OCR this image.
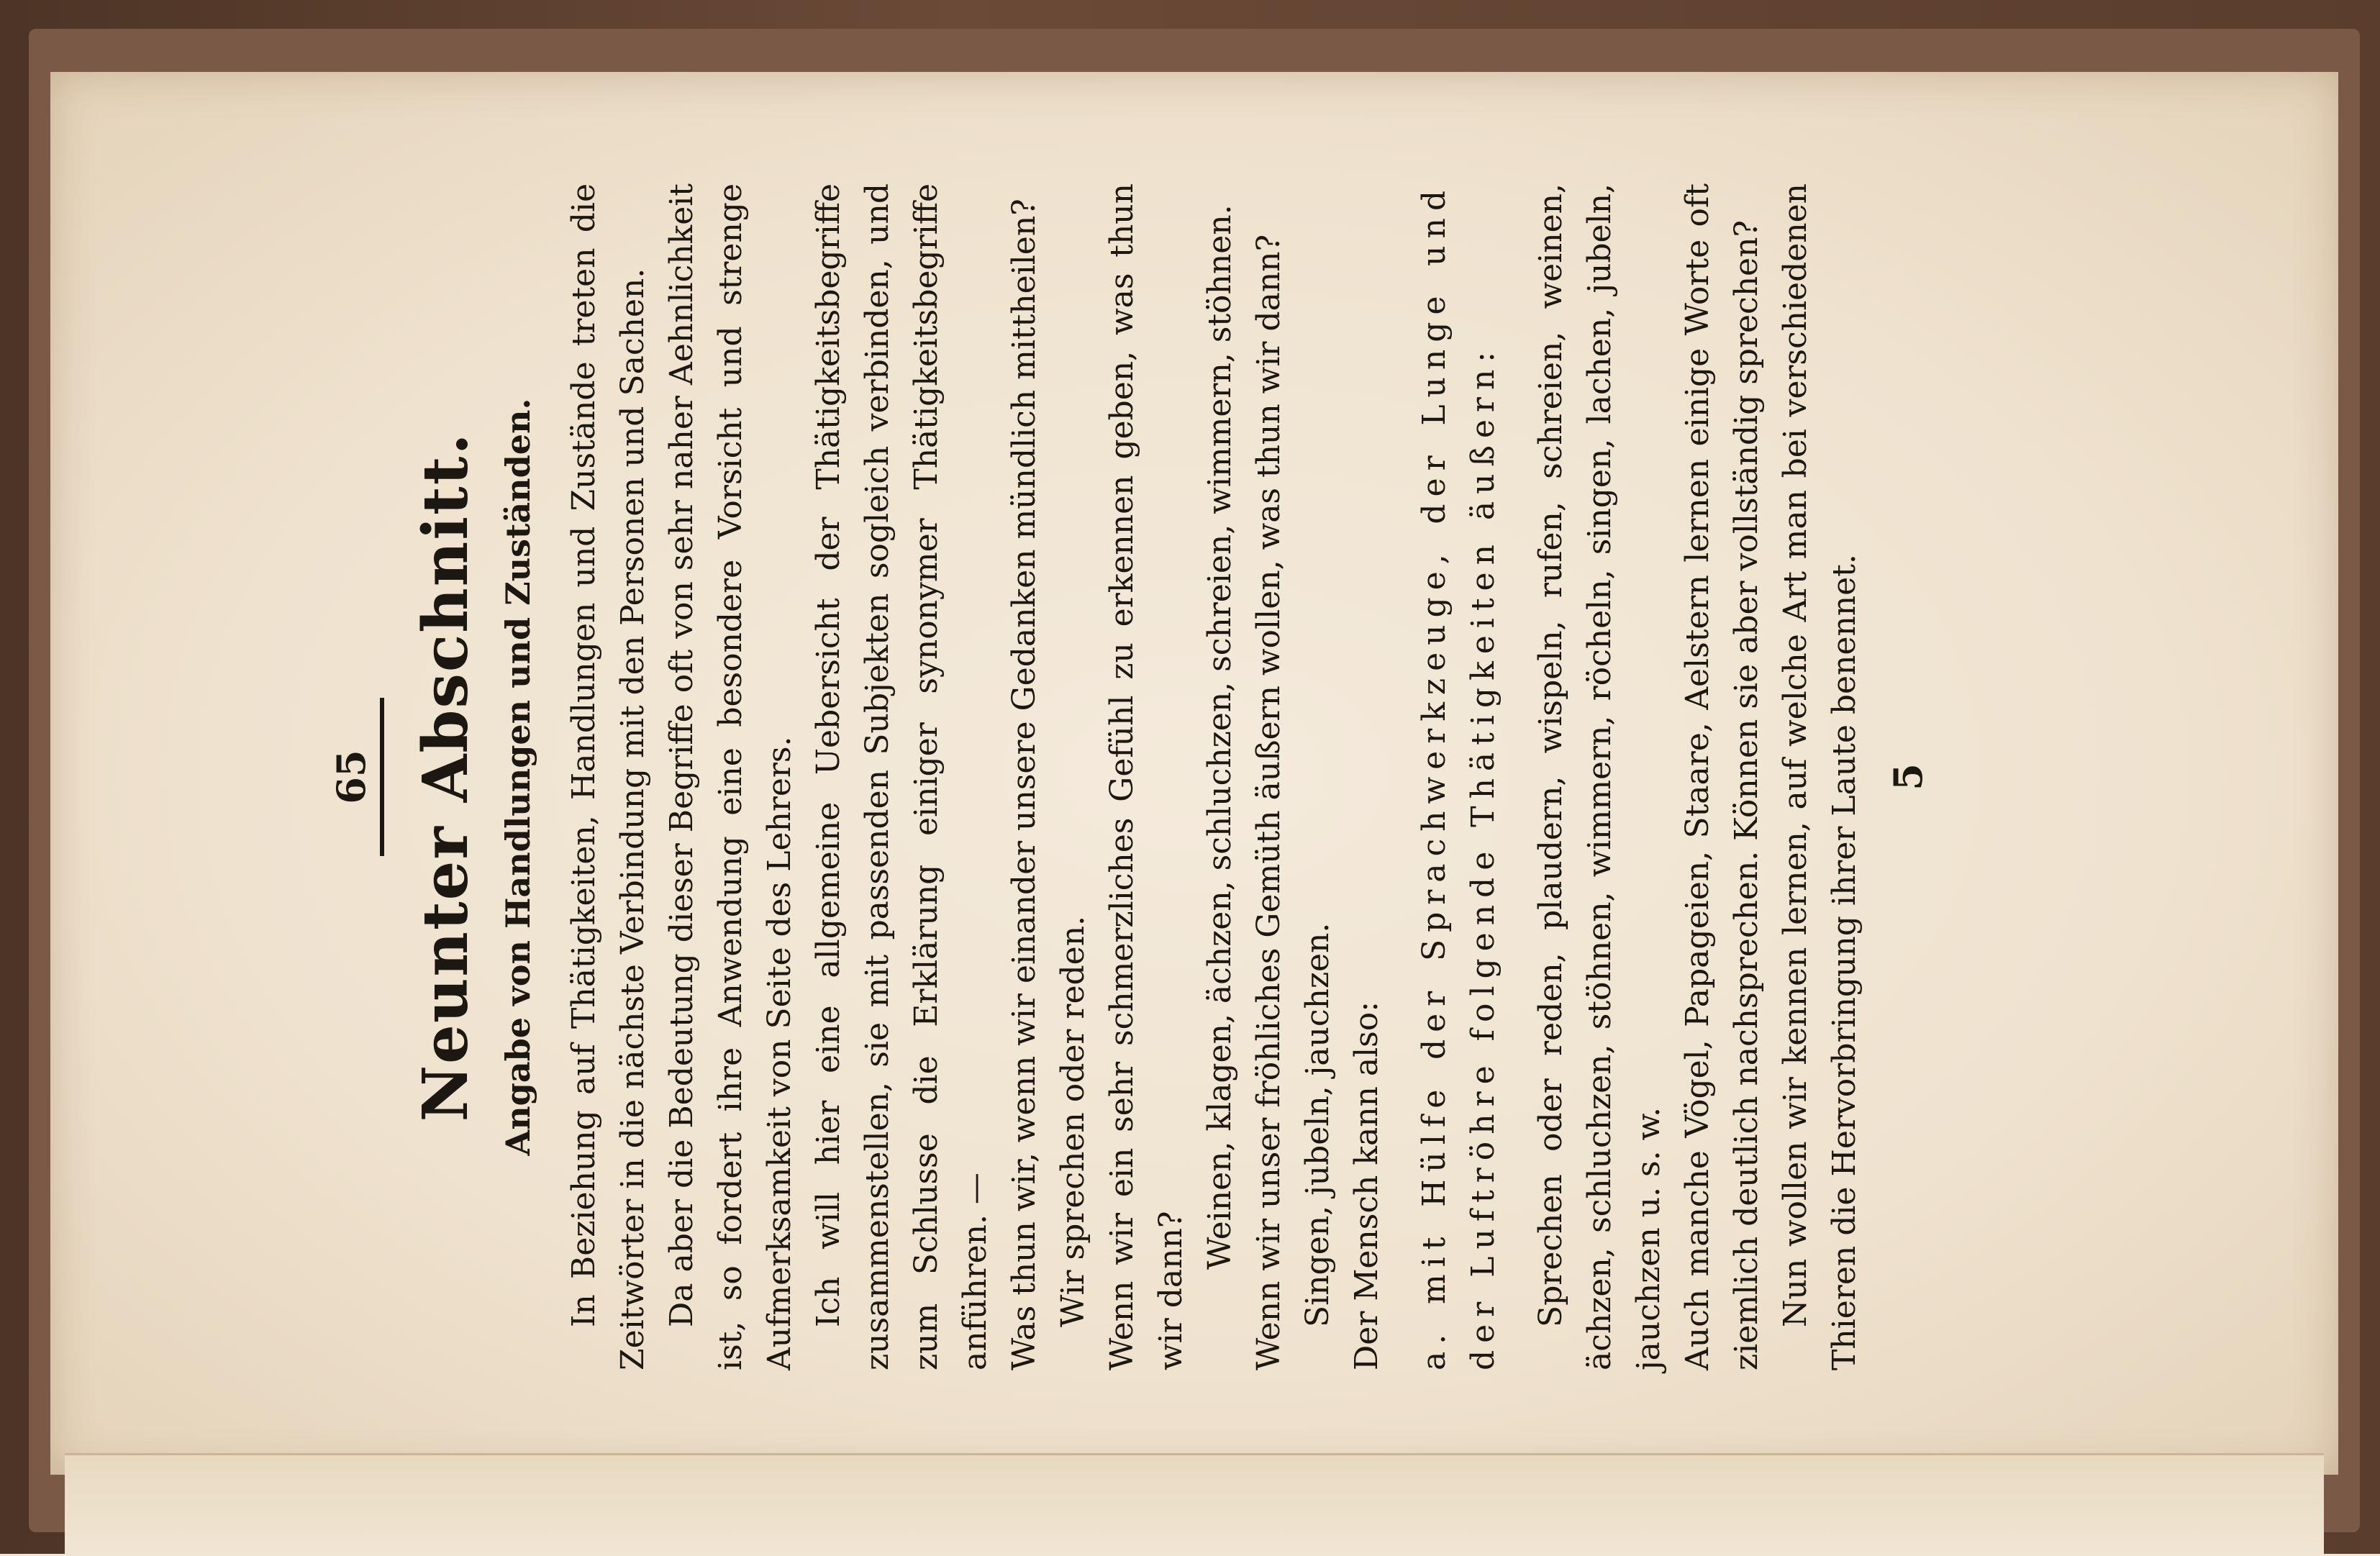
65 Neunter Abschnitt. Angabe von Handlungen und Zuständen. In Beziehung auf Thätigkeiten, Handlungen und Zustände treten die Zeitwörter in die nächste Verbindung mit den Personen und Sachen. Da aber die Bedeutung dieser Begriffe oft von sehr naher Aehnlichkeit ist, so fordert ihre Anwendung eine besondere Vorsicht und strenge Aufmerksamkeit von Seite des Lehrers. Ich will hier eine allgemeine Uebersicht der Thätigkeitsbegriffe zusammenstellen, sie mit passenden Subjekten sogleich verbinden, und zum Schlusse die Erklärung einiger synonymer Thätigkeitsbegriffe anführen. — Was thun wir, wenn wir einander unsere Gedanken mündlich mittheilen? Wir sprechen oder reden. Wenn wir ein sehr schmerzliches Gefühl zu erkennen geben, was thun wir dann?

Weinen, klagen, ächzen, schluchzen, schreien, wimmern, stöhnen. Wenn wir unser fröhliches Gemüth äußern wollen, was thun wir dann? Singen, jubeln, jauchzen. Der Mensch kann also: a. mit Hülfe der Sprachwerkzeuge, der Lunge und der Luftröhre folgende Thätigkeiten äußern: Sprechen oder reden, plaudern, wispeln, rufen, schreien, weinen, ächzen, schluchzen, stöhnen, wimmern, röcheln, singen, lachen, jubeln, jauchzen u. s. w. Auch manche Vögel, Papageien, Staare, Aelstern lernen einige Worte oft ziemlich deutlich nachsprechen. Können sie aber vollständig sprechen? Nun wollen wir kennen lernen, auf welche Art man bei verschiedenen Thieren die Hervorbringung ihrer Laute benennet. 5
